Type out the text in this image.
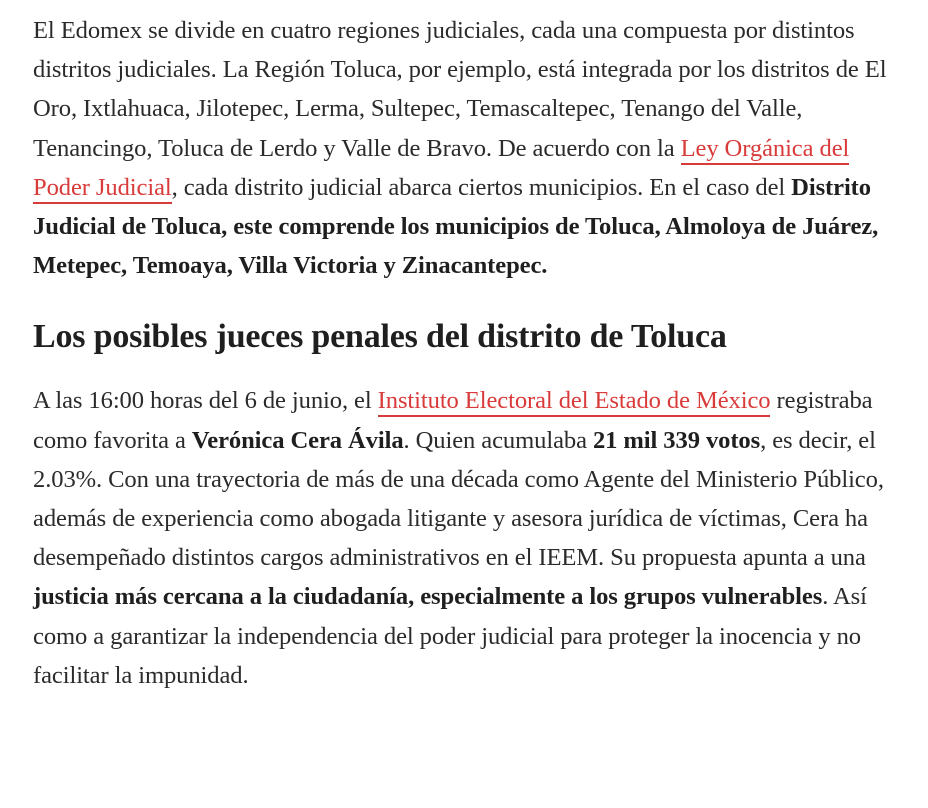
El Edomex se divide en cuatro regiones judiciales, cada una compuesta por distintos distritos judiciales. La Región Toluca, por ejemplo, está integrada por los distritos de El Oro, Ixtlahuaca, Jilotepec, Lerma, Sultepec, Temascaltepec, Tenango del Valle, Tenancingo, Toluca de Lerdo y Valle de Bravo. De acuerdo con la Ley Orgánica del Poder Judicial, cada distrito judicial abarca ciertos municipios. En el caso del Distrito Judicial de Toluca, este comprende los municipios de Toluca, Almoloya de Juárez, Metepec, Temoaya, Villa Victoria y Zinacantepec.

Los posibles jueces penales del distrito de Toluca

A las 16:00 horas del 6 de junio, el Instituto Electoral del Estado de México registraba como favorita a Verónica Cera Ávila. Quien acumulaba 21 mil 339 votos, es decir, el 2.03%. Con una trayectoria de más de una década como Agente del Ministerio Público, además de experiencia como abogada litigante y asesora jurídica de víctimas, Cera ha desempeñado distintos cargos administrativos en el IEEM. Su propuesta apunta a una justicia más cercana a la ciudadanía, especialmente a los grupos vulnerables. Así como a garantizar la independencia del poder judicial para proteger la inocencia y no facilitar la impunidad.
